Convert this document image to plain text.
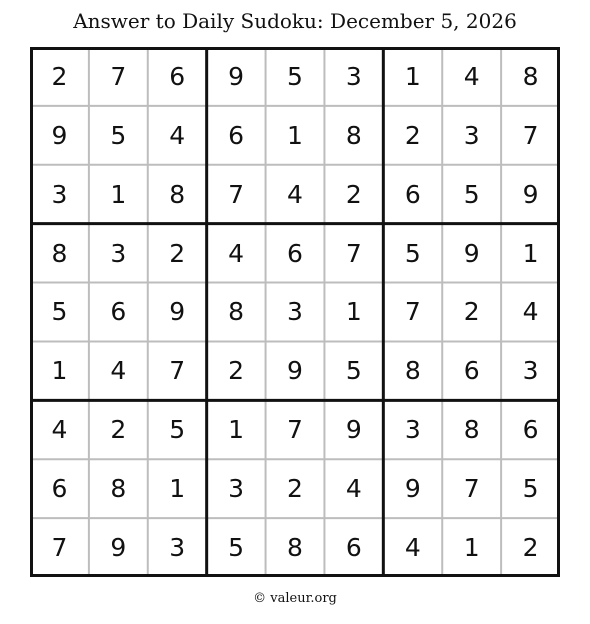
Answer to Daily Sudoku: December 5, 2026
2	7	6	9	5	3	1	4	8
9	5	4	6	1	8	2	3	7
3	1	8	7	4	2	6	5	9
8	3	2	4	6	7	5	9	1
5	6	9	8	3	1	7	2	4
1	4	7	2	9	5	8	6	3
4	2	5	1	7	9	3	8	6
6	8	1	3	2	4	9	7	5
7	9	3	5	8	6	4	1	2
© valeur.org
